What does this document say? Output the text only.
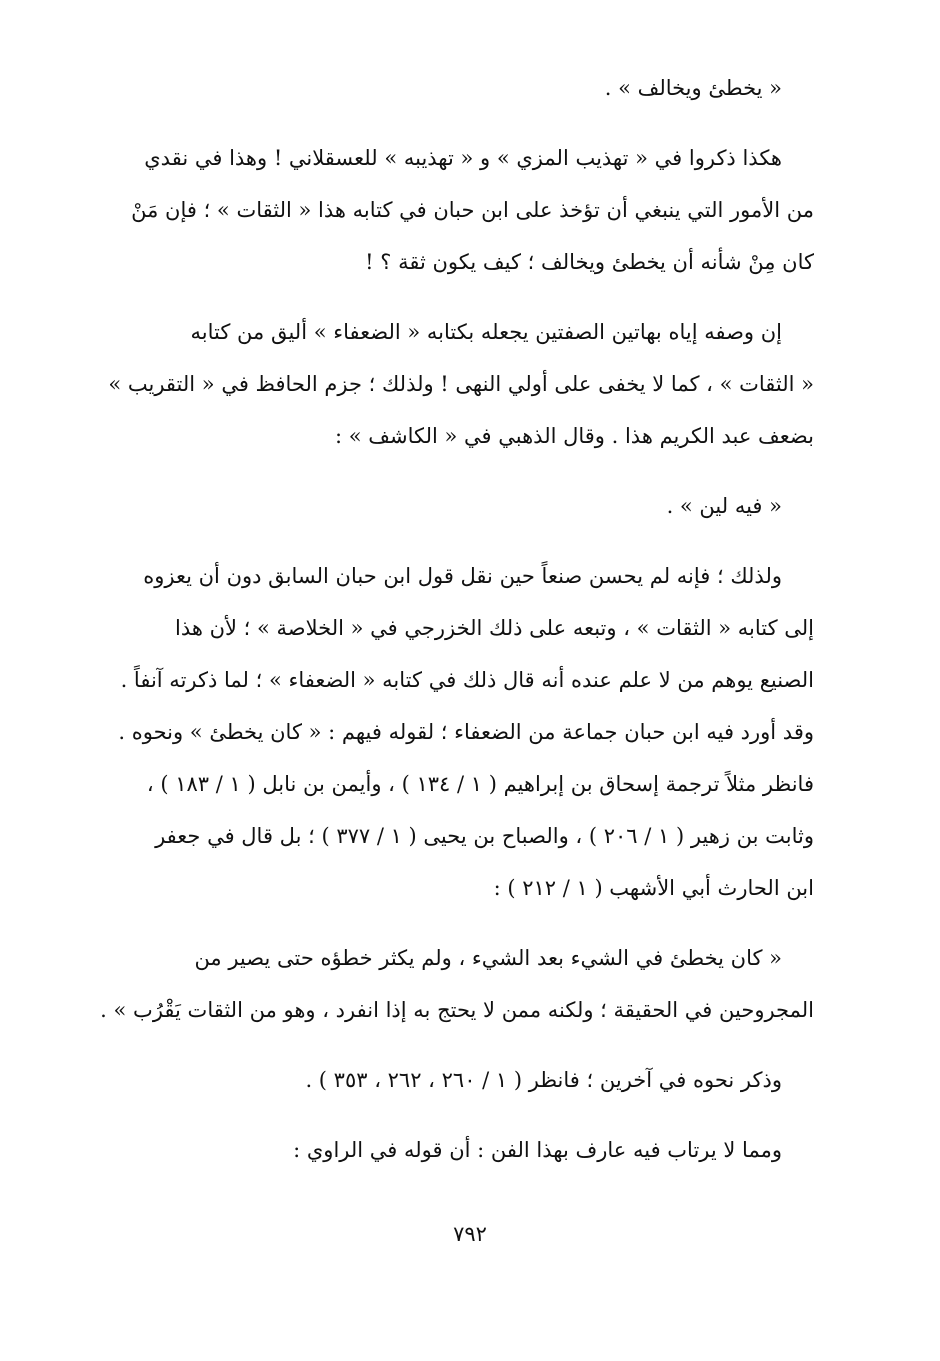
« يخطئ ويخالف » .
هكذا ذكروا في « تهذيب المزي » و « تهذيبه » للعسقلاني ! وهذا في نقدي
من الأمور التي ينبغي أن تؤخذ على ابن حبان في كتابه هذا « الثقات » ؛ فإن مَنْ
كان مِنْ شأنه أن يخطئ ويخالف ؛ كيف يكون ثقة ؟ !
إن وصفه إياه بهاتين الصفتين يجعله بكتابه « الضعفاء » أليق من كتابه
« الثقات » ، كما لا يخفى على أولي النهى ! ولذلك ؛ جزم الحافظ في « التقريب »
بضعف عبد الكريم هذا . وقال الذهبي في « الكاشف » :
« فيه لين » .
ولذلك ؛ فإنه لم يحسن صنعاً حين نقل قول ابن حبان السابق دون أن يعزوه
إلى كتابه « الثقات » ، وتبعه على ذلك الخزرجي في « الخلاصة » ؛ لأن هذا
الصنيع يوهم من لا علم عنده أنه قال ذلك في كتابه « الضعفاء » ؛ لما ذكرته آنفاً .
وقد أورد فيه ابن حبان جماعة من الضعفاء ؛ لقوله فيهم : « كان يخطئ » ونحوه .
فانظر مثلاً ترجمة إسحاق بن إبراهيم ( ١ / ١٣٤ ) ، وأيمن بن نابل ( ١ / ١٨٣ ) ،
وثابت بن زهير ( ١ / ٢٠٦ ) ، والصباح بن يحيى ( ١ / ٣٧٧ ) ؛ بل قال في جعفر
ابن الحارث أبي الأشهب ( ١ / ٢١٢ ) :
« كان يخطئ في الشيء بعد الشيء ، ولم يكثر خطؤه حتى يصير من
المجروحين في الحقيقة ؛ ولكنه ممن لا يحتج به إذا انفرد ، وهو من الثقات يَقْرُب » .
وذكر نحوه في آخرين ؛ فانظر ( ١ / ٢٦٠ ، ٢٦٢ ، ٣٥٣ ) .
ومما لا يرتاب فيه عارف بهذا الفن : أن قوله في الراوي :
٧٩٢
